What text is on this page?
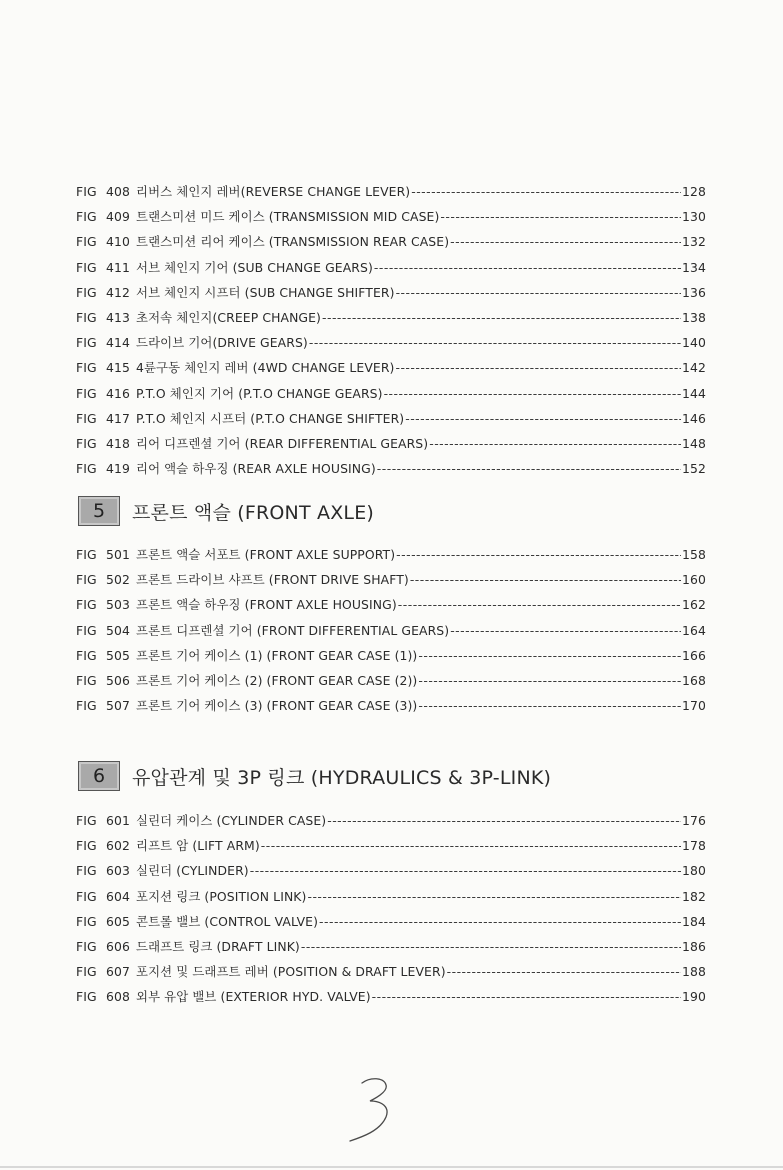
FIG 408 리버스 체인지 레버(REVERSE CHANGE LEVER) -----	128
FIG 409 트랜스미션 미드 케이스 (TRANSMISSION MID CASE) -----	130
FIG 410 트랜스미션 리어 케이스 (TRANSMISSION REAR CASE) -----	132
FIG 411 서브 체인지 기어 (SUB CHANGE GEARS) -----	134
FIG 412 서브 체인지 시프터 (SUB CHANGE SHIFTER) -----	136
FIG 413 초저속 체인지(CREEP CHANGE) -----	138
FIG 414 드라이브 기어(DRIVE GEARS) -----	140
FIG 415 4륜구동 체인지 레버 (4WD CHANGE LEVER) -----	142
FIG 416 P.T.O 체인지 기어 (P.T.O CHANGE GEARS) -----	144
FIG 417 P.T.O 체인지 시프터 (P.T.O CHANGE SHIFTER) -----	146
FIG 418 리어 디프렌셜 기어 (REAR DIFFERENTIAL GEARS) -----	148
FIG 419 리어 액슬 하우징 (REAR AXLE HOUSING) -----	152
5	프론트 액슬 (FRONT AXLE)
FIG 501 프론트 액슬 서포트 (FRONT AXLE SUPPORT) -----	158
FIG 502 프론트 드라이브 샤프트 (FRONT DRIVE SHAFT) -----	160
FIG 503 프론트 액슬 하우징 (FRONT AXLE HOUSING) -----	162
FIG 504 프론트 디프렌셜 기어 (FRONT DIFFERENTIAL GEARS) -----	164
FIG 505 프론트 기어 케이스 (1) (FRONT GEAR CASE (1)) -----	166
FIG 506 프론트 기어 케이스 (2) (FRONT GEAR CASE (2)) -----	168
FIG 507 프론트 기어 케이스 (3) (FRONT GEAR CASE (3)) -----	170
6	유압관계 및 3P 링크 (HYDRAULICS & 3P-LINK)
FIG 601 실린더 케이스 (CYLINDER CASE) -----	176
FIG 602 리프트 암 (LIFT ARM) -----	178
FIG 603 실린더 (CYLINDER) -----	180
FIG 604 포지션 링크 (POSITION LINK) -----	182
FIG 605 콘트롤 밸브 (CONTROL VALVE) -----	184
FIG 606 드래프트 링크 (DRAFT LINK) -----	186
FIG 607 포지션 및 드래프트 레버 (POSITION & DRAFT LEVER) -----	188
FIG 608 외부 유압 밸브 (EXTERIOR HYD. VALVE) -----	190
